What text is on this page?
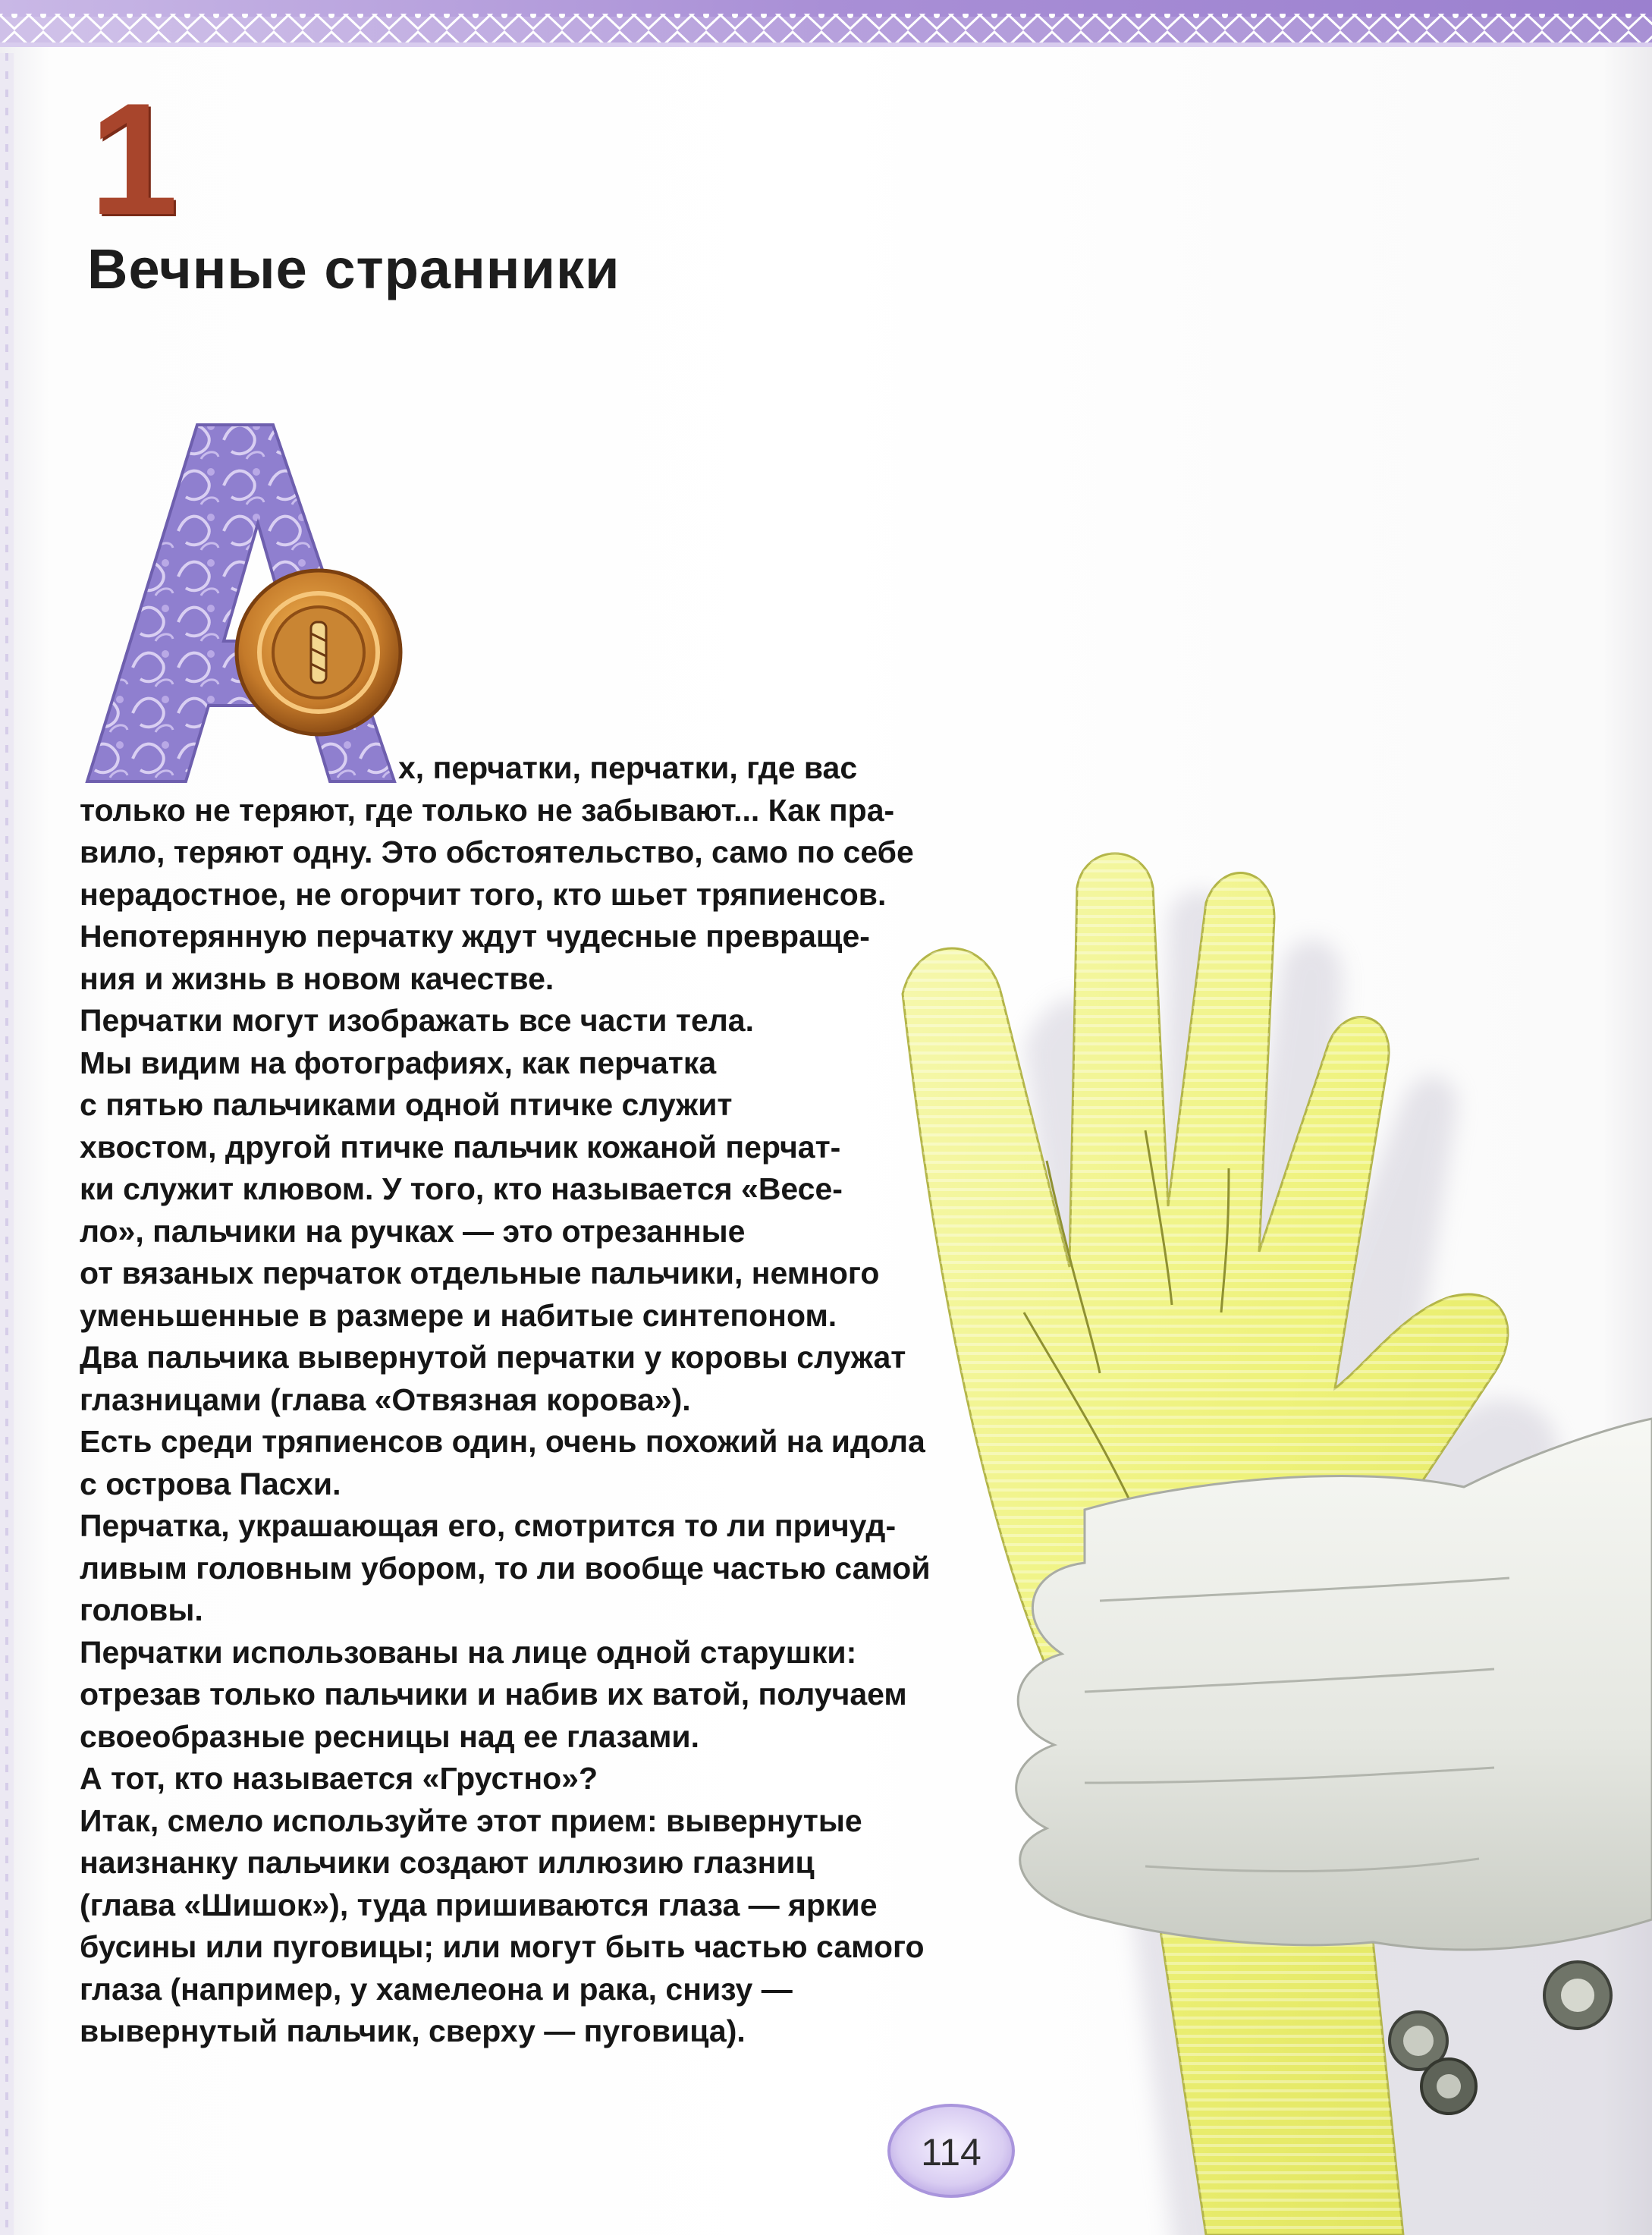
1
Вечные странники
х, перчатки, перчатки, где вас
только не теряют, где только не забывают... Как пра-
вило, теряют одну. Это обстоятельство, само по себе
нерадостное, не огорчит того, кто шьет тряпиенсов.
Непотерянную перчатку ждут чудесные превраще-
ния и жизнь в новом качестве.
Перчатки могут изображать все части тела.
Мы видим на фотографиях, как перчатка
с пятью пальчиками одной птичке служит
хвостом, другой птичке пальчик кожаной перчат-
ки служит клювом. У того, кто называется «Весе-
ло», пальчики на ручках — это отрезанные
от вязаных перчаток отдельные пальчики, немного
уменьшенные в размере и набитые синтепоном.
Два пальчика вывернутой перчатки у коровы служат
глазницами (глава «Отвязная корова»).
Есть среди тряпиенсов один, очень похожий на идола
с острова Пасхи.
Перчатка, украшающая его, смотрится то ли причуд-
ливым головным убором, то ли вообще частью самой
головы.
Перчатки использованы на лице одной старушки:
отрезав только пальчики и набив их ватой, получаем
своеобразные ресницы над ее глазами.
А тот, кто называется «Грустно»?
Итак, смело используйте этот прием: вывернутые
наизнанку пальчики создают иллюзию глазниц
(глава «Шишок»), туда пришиваются глаза — яркие
бусины или пуговицы; или могут быть частью самого
глаза (например, у хамелеона и рака, снизу —
вывернутый пальчик, сверху — пуговица).
114
